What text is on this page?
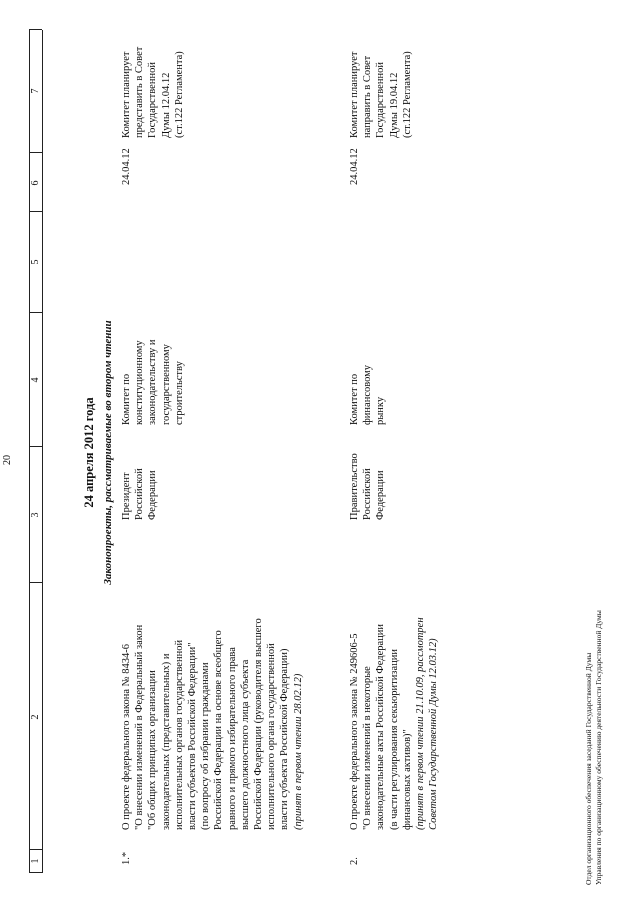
20
1
2
3
4
5
6
7
24 апреля 2012 года Законопроекты, рассматриваемые во втором чтении
1.*
О проекте федерального закона № 8434-6
"О внесении изменений в Федеральный закон
"Об общих принципах организации
законодательных (представительных) и
исполнительных органов государственной
власти субъектов Российской Федерации"
(по вопросу об избрании гражданами
Российской Федерации на основе всеобщего
равного и прямого избирательного права
высшего должностного лица субъекта
Российской Федерации (руководителя высшего
исполнительного органа государственной
власти субъекта Российской Федерации) (принят в первом чтении 28.02.12)
Президент
Российской
Федерации
Комитет по
конституционному
законодательству и
государственному
строительству
24.04.12
Комитет планирует
представить в Совет
Государственной
Думы 12.04.12
(ст.122 Регламента)
2.
О проекте федерального закона № 249606-5
"О внесении изменений в некоторые
законодательные акты Российской Федерации
(в части регулирования секьюритизации
финансовых активов)"
(принят в первом чтении 21.10.09, рассмотрен
Советом Государственной Думы 12.03.12)
Правительство
Российской
Федерации
Комитет по
финансовому
рынку
24.04.12
Комитет планирует
направить в Совет
Государственной
Думы 19.04.12
(ст.122 Регламента)
Отдел организационного обеспечения заседаний Государственной Думы Управления по организационному обеспечению деятельности Государственной Думы
